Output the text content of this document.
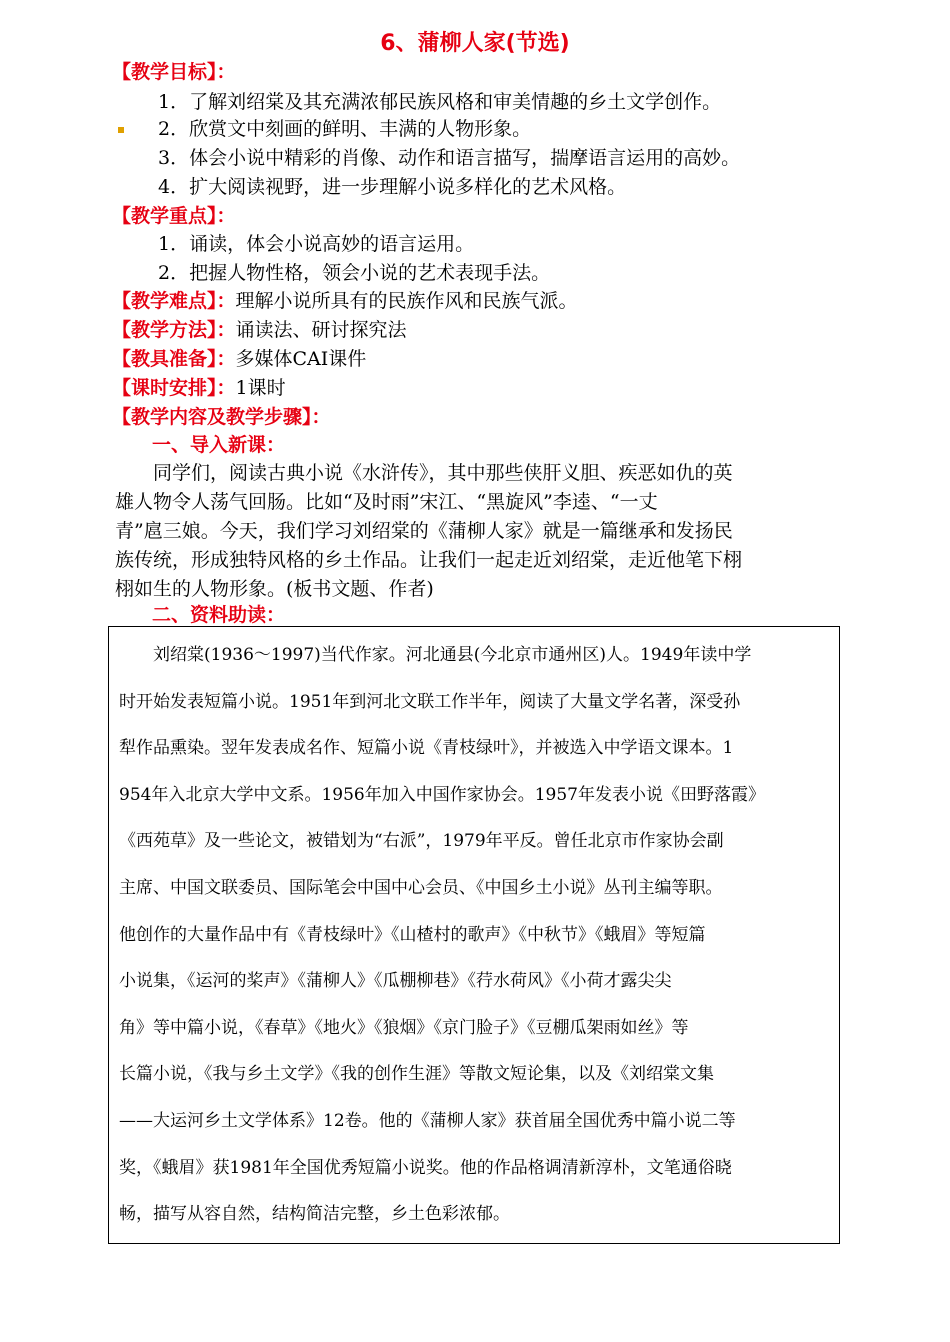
6、蒲柳人家(节选)
【教学目标】：
1．了解刘绍棠及其充满浓郁民族风格和审美情趣的乡土文学创作。
2．欣赏文中刻画的鲜明、丰满的人物形象。
3．体会小说中精彩的肖像、动作和语言描写，揣摩语言运用的高妙。
4．扩大阅读视野，进一步理解小说多样化的艺术风格。
【教学重点】：
1．诵读，体会小说高妙的语言运用。
2．把握人物性格，领会小说的艺术表现手法。
【教学难点】：理解小说所具有的民族作风和民族气派。
【教学方法】：诵读法、研讨探究法
【教具准备】：多媒体CAI课件
【课时安排】：1课时
【教学内容及教学步骤】：
一、导入新课：

同学们，阅读古典小说《水浒传》，其中那些侠肝义胆、疾恶如仇的英

雄人物令人荡气回肠。比如“及时雨”宋江、“黑旋风”李逵、“一丈

青”扈三娘。今天，我们学习刘绍棠的《蒲柳人家》就是一篇继承和发扬民

族传统，形成独特风格的乡土作品。让我们一起走近刘绍棠，走近他笔下栩

栩如生的人物形象。(板书文题、作者)

二、资料助读：
　　刘绍棠(1936～1997)当代作家。河北通县(今北京市通州区)人。1949年读中学
时开始发表短篇小说。1951年到河北文联工作半年，阅读了大量文学名著，深受孙
犁作品熏染。翌年发表成名作、短篇小说《青枝绿叶》，并被选入中学语文课本。1
954年入北京大学中文系。1956年加入中国作家协会。1957年发表小说《田野落霞》
《西苑草》及一些论文，被错划为“右派”，1979年平反。曾任北京市作家协会副
主席、中国文联委员、国际笔会中国中心会员、《中国乡土小说》丛刊主编等职。
他创作的大量作品中有《青枝绿叶》《山楂村的歌声》《中秋节》《蛾眉》等短篇
小说集，《运河的桨声》《蒲柳人》《瓜棚柳巷》《荇水荷风》《小荷才露尖尖
角》等中篇小说，《春草》《地火》《狼烟》《京门脸子》《豆棚瓜架雨如丝》等
长篇小说，《我与乡土文学》《我的创作生涯》等散文短论集，以及《刘绍棠文集
——大运河乡土文学体系》12卷。他的《蒲柳人家》获首届全国优秀中篇小说二等
奖，《蛾眉》获1981年全国优秀短篇小说奖。他的作品格调清新淳朴，文笔通俗晓
畅，描写从容自然，结构简洁完整，乡土色彩浓郁。
